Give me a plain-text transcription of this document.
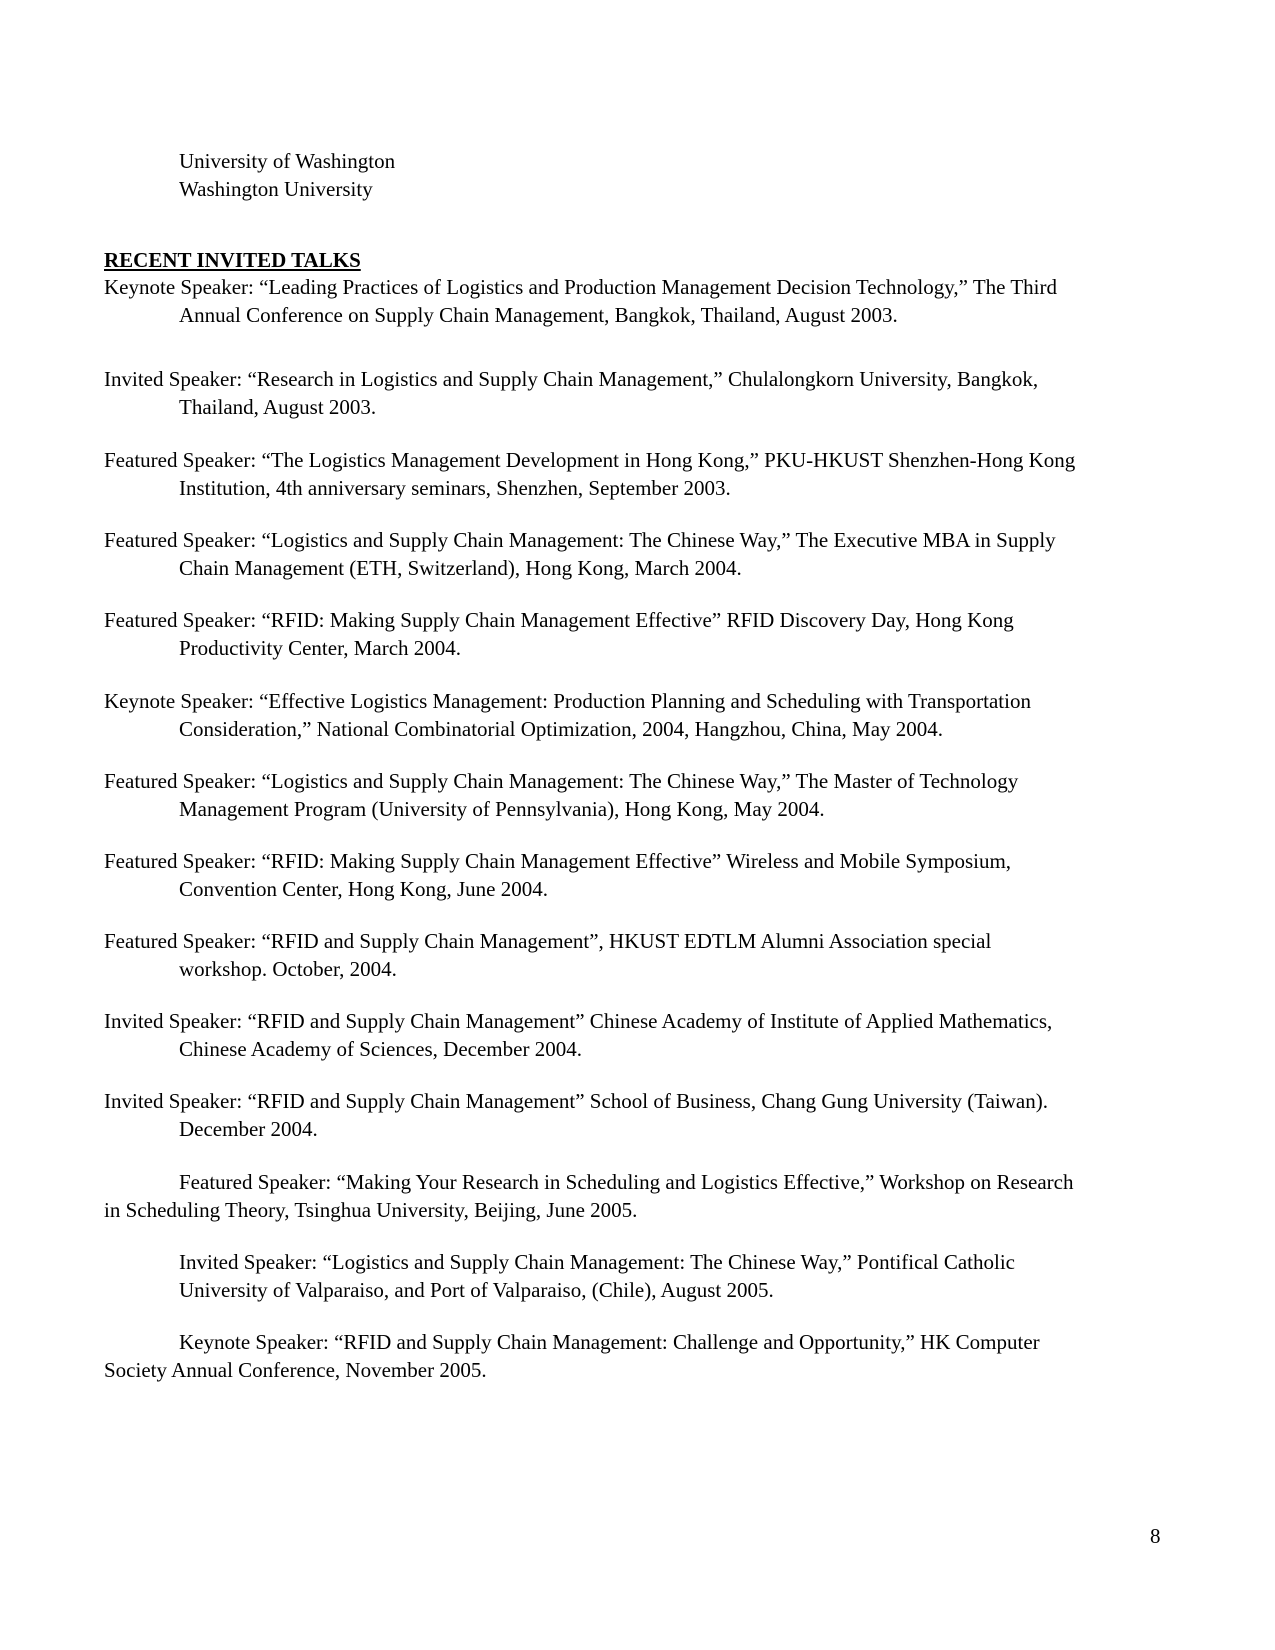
University of Washington
Washington University
RECENT INVITED TALKS
Keynote Speaker: “Leading Practices of Logistics and Production Management Decision Technology,” The Third
Annual Conference on Supply Chain Management, Bangkok, Thailand, August 2003.
Invited Speaker: “Research in Logistics and Supply Chain Management,” Chulalongkorn University, Bangkok,
Thailand, August 2003.
Featured Speaker: “The Logistics Management Development in Hong Kong,” PKU-HKUST Shenzhen-Hong Kong
Institution, 4th anniversary seminars, Shenzhen, September 2003.
Featured Speaker: “Logistics and Supply Chain Management: The Chinese Way,” The Executive MBA in Supply
Chain Management (ETH, Switzerland), Hong Kong, March 2004.
Featured Speaker: “RFID: Making Supply Chain Management Effective” RFID Discovery Day, Hong Kong
Productivity Center, March 2004.
Keynote Speaker: “Effective Logistics Management: Production Planning and Scheduling with Transportation
Consideration,” National Combinatorial Optimization, 2004, Hangzhou, China, May 2004.
Featured Speaker: “Logistics and Supply Chain Management: The Chinese Way,” The Master of Technology
Management Program (University of Pennsylvania), Hong Kong, May 2004.
Featured Speaker: “RFID: Making Supply Chain Management Effective” Wireless and Mobile Symposium,
Convention Center, Hong Kong, June 2004.
Featured Speaker: “RFID and Supply Chain Management”, HKUST EDTLM Alumni Association special
workshop. October, 2004.
Invited Speaker: “RFID and Supply Chain Management” Chinese Academy of Institute of Applied Mathematics,
Chinese Academy of Sciences, December 2004.
Invited Speaker: “RFID and Supply Chain Management” School of Business, Chang Gung University (Taiwan).
December 2004.
Featured Speaker: “Making Your Research in Scheduling and Logistics Effective,” Workshop on Research
in Scheduling Theory, Tsinghua University, Beijing, June 2005.
Invited Speaker: “Logistics and Supply Chain Management: The Chinese Way,” Pontifical Catholic
University of Valparaiso, and Port of Valparaiso, (Chile), August 2005.
Keynote Speaker: “RFID and Supply Chain Management: Challenge and Opportunity,” HK Computer
Society Annual Conference, November 2005.
8
